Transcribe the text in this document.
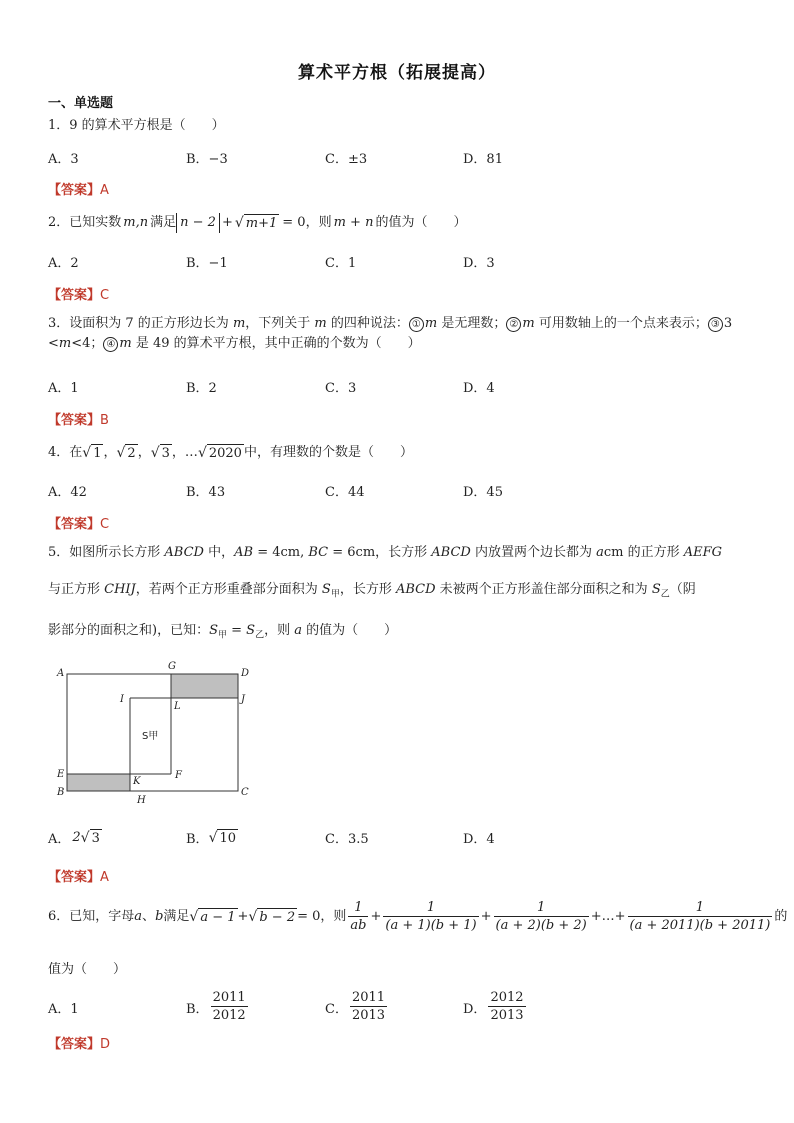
算术平方根（拓展提高）
一、单选题
1．9 的算术平方根是（　　）
A．3	B．−3	C．±3	D．81
【答案】A
2．已知实数 m,n 满足 n − 2 + √ m+1 = 0，则 m + n 的值为（　　）
A．2	B．−1	C．1	D．3
【答案】C
3．设面积为 7 的正方形边长为 m，下列关于 m 的四种说法： ① m 是无理数； ② m 可用数轴上的一个点来表示； ③ 3
<m<4； ④ m 是 49 的算术平方根，其中正确的个数为（　　）
A．1	B．2	C．3	D．4
【答案】B
4．在 √ 1 ， √ 2 ， √ 3 ，… √ 2020 中，有理数的个数是（　　）
A．42	B．43	C．44	D．45
【答案】C
5．如图所示长方形 ABCD 中，AB = 4cm, BC = 6cm，长方形 ABCD 内放置两个边长都为 acm 的正方形 AEFG
与正方形 CHIJ，若两个正方形重叠部分面积为 $S_甲$，长方形 ABCD 未被两个正方形盖住部分面积之和为 $S_乙$（阴
影部分的面积之和)，已知：$S_甲 = S_乙$，则 a 的值为（　　）
A
B	C
D
E	F
G
H
I	J
K
L
S甲
A． 2 √ 3	B． √ 10	C．3.5	D．4
【答案】A
6．已知，字母 a 、 b 满足 √ a − 1 + √ b − 2 = 0，则 $\frac{1}{ab} + \frac{1}{(a + 1)(b + 1)} + \frac{1}{(a + 2)(b + 2)}$ +…+ $\frac{1}{(a + 2011)(b + 2011)}$ 的
值为（　　）
A．1	B． $\frac{2011}{2012}$	C． $\frac{2011}{2013}$	D． $\frac{2012}{2013}$
【答案】D
